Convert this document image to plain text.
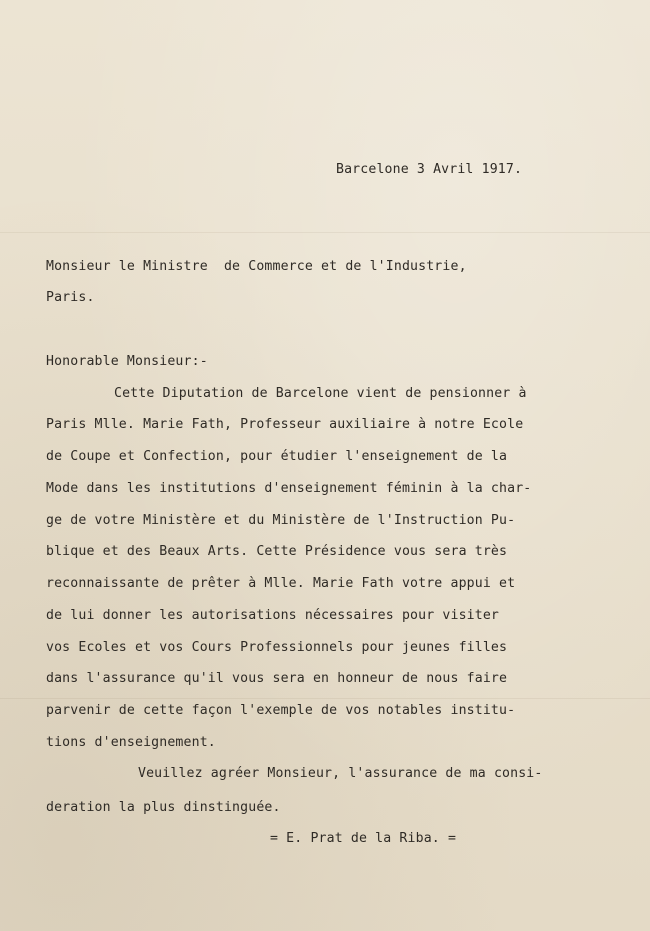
Barcelone 3 Avril 1917.
Monsieur le Ministre  de Commerce et de l'Industrie,
Paris.
Honorable Monsieur:-
Cette Diputation de Barcelone vient de pensionner à
Paris Mlle. Marie Fath, Professeur auxiliaire à notre Ecole
de Coupe et Confection, pour étudier l'enseignement de la
Mode dans les institutions d'enseignement féminin à la char-
ge de votre Ministère et du Ministère de l'Instruction Pu-
blique et des Beaux Arts. Cette Présidence vous sera très
reconnaissante de prêter à Mlle. Marie Fath votre appui et
de lui donner les autorisations nécessaires pour visiter
vos Ecoles et vos Cours Professionnels pour jeunes filles
dans l'assurance qu'il vous sera en honneur de nous faire
parvenir de cette façon l'exemple de vos notables institu-
tions d'enseignement.
Veuillez agréer Monsieur, l'assurance de ma consi-
deration la plus dinstinguée.
= E. Prat de la Riba. =
